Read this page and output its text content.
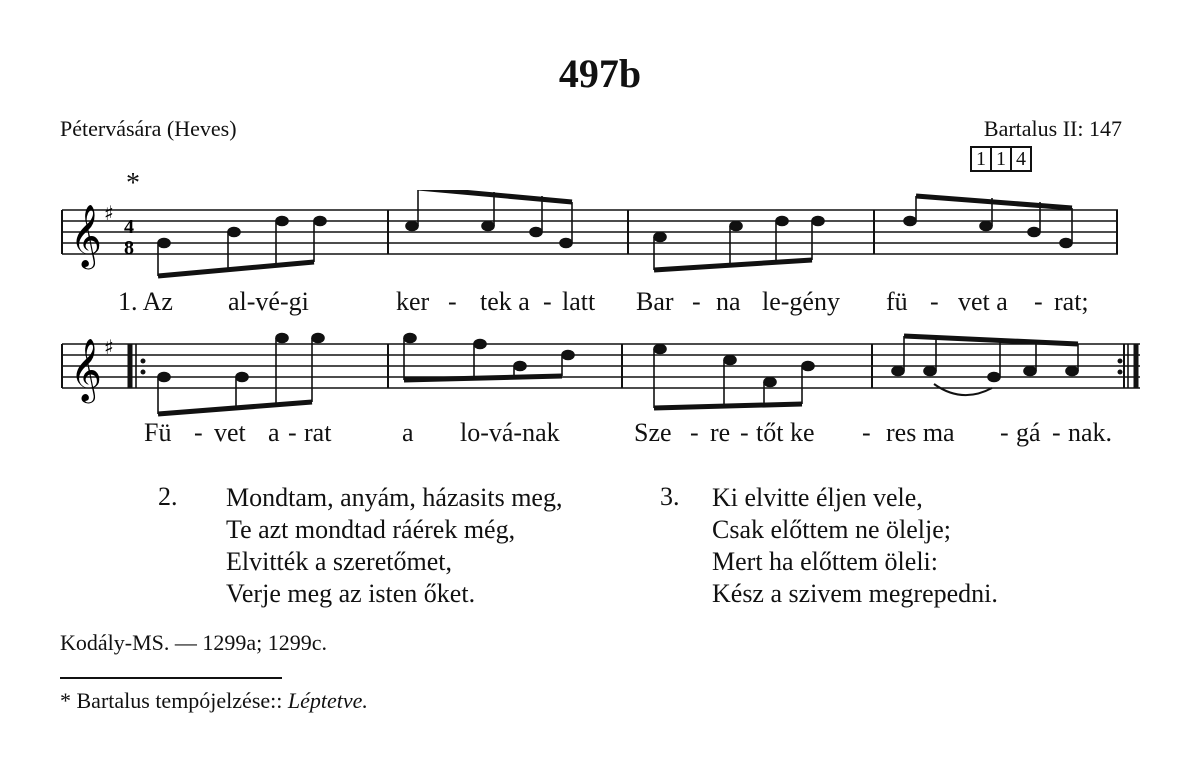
497b
Pétervására (Heves)	Bartalus II: 147
1 1 4
*
𝄞 ♯
4
8
1. Az al-vé-gi	ker - tek a - latt Bar - na le-gény fü - vet a - rat;
𝄞 ♯
Fü - vet a - rat	a lo-vá-nak	Sze - re - tőt ke - res ma - gá - nak.
2. Mondtam, anyám, házasits meg,
Te azt mondtad ráérek még,
Elvitték a szeretőmet,
Verje meg az isten őket.
3. Ki elvitte éljen vele,
Csak előttem ne ölelje;
Mert ha előttem öleli:
Kész a szivem megrepedni.
Kodály-MS. — 1299a; 1299c.
* Bartalus tempójelzése:: Léptetve.
